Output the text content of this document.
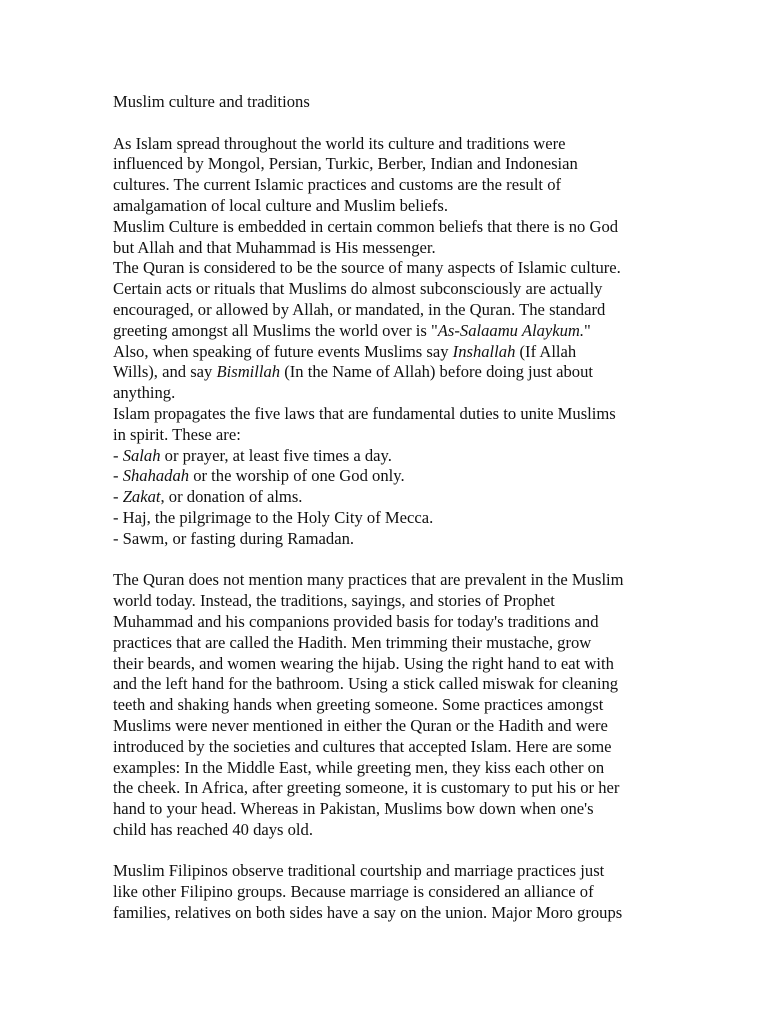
Muslim culture and traditions

As Islam spread throughout the world its culture and traditions were
influenced by Mongol, Persian, Turkic, Berber, Indian and Indonesian
cultures. The current Islamic practices and customs are the result of
amalgamation of local culture and Muslim beliefs.

Muslim Culture is embedded in certain common beliefs that there is no God
but Allah and that Muhammad is His messenger.

The Quran is considered to be the source of many aspects of Islamic culture.
Certain acts or rituals that Muslims do almost subconsciously are actually
encouraged, or allowed by Allah, or mandated, in the Quran. The standard
greeting amongst all Muslims the world over is "As-Salaamu Alaykum."
Also, when speaking of future events Muslims say Inshallah (If Allah
Wills), and say Bismillah (In the Name of Allah) before doing just about
anything.

Islam propagates the five laws that are fundamental duties to unite Muslims
in spirit. These are:

- Salah or prayer, at least five times a day.
- Shahadah or the worship of one God only.
- Zakat, or donation of alms.
- Haj, the pilgrimage to the Holy City of Mecca.
- Sawm, or fasting during Ramadan.

The Quran does not mention many practices that are prevalent in the Muslim
world today. Instead, the traditions, sayings, and stories of Prophet
Muhammad and his companions provided basis for today's traditions and
practices that are called the Hadith. Men trimming their mustache, grow
their beards, and women wearing the hijab. Using the right hand to eat with
and the left hand for the bathroom. Using a stick called miswak for cleaning
teeth and shaking hands when greeting someone. Some practices amongst
Muslims were never mentioned in either the Quran or the Hadith and were
introduced by the societies and cultures that accepted Islam. Here are some
examples: In the Middle East, while greeting men, they kiss each other on
the cheek. In Africa, after greeting someone, it is customary to put his or her
hand to your head. Whereas in Pakistan, Muslims bow down when one's
child has reached 40 days old.

Muslim Filipinos observe traditional courtship and marriage practices just
like other Filipino groups. Because marriage is considered an alliance of
families, relatives on both sides have a say on the union. Major Moro groups
